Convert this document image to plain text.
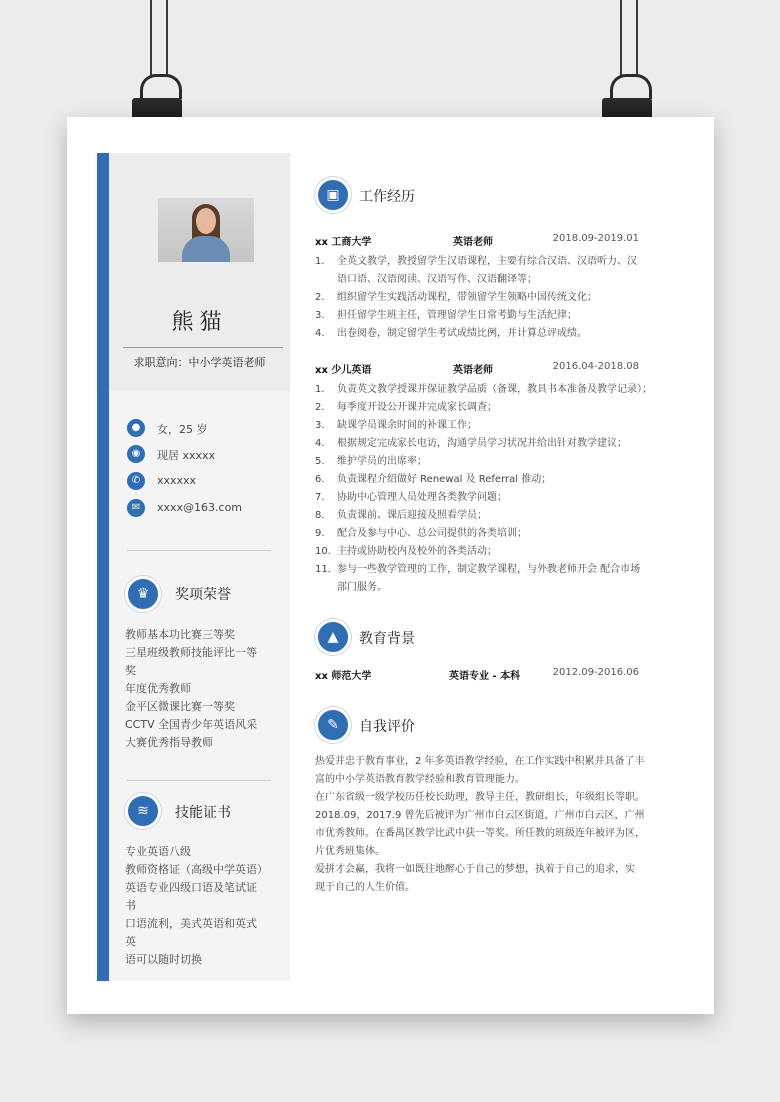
熊猫
求职意向：中小学英语老师
●	女，25 岁
◉	现居 xxxxx
✆	xxxxxx
✉	xxxx@163.com
♛	奖项荣誉
教师基本功比赛三等奖
三星班级教师技能评比一等
奖
年度优秀教师
金平区微课比赛一等奖
CCTV 全国青少年英语风采
大赛优秀指导教师
≋	技能证书
专业英语八级
教师资格证（高级中学英语）
英语专业四级口语及笔试证
书
口语流利，美式英语和英式英
语可以随时切换
▣	工作经历
xx 工商大学	英语老师	2018.09-2019.01
1. 全英文教学，教授留学生汉语课程，主要有综合汉语、汉语听力、汉
语口语、汉语阅读、汉语写作、汉语翻译等；
2. 组织留学生实践活动课程，带领留学生领略中国传统文化；
3. 担任留学生班主任，管理留学生日常考勤与生活纪律；
4. 出卷阅卷，制定留学生考试成绩比例，并计算总评成绩。
xx 少儿英语	英语老师	2016.04-2018.08
1. 负责英文教学授课并保证教学品质（备课，教具书本准备及教学记录）；
2. 每季度开设公开课并完成家长调查；
3. 缺课学员课余时间的补课工作；
4. 根据规定完成家长电访，沟通学员学习状况并给出针对教学建议；
5. 维护学员的出席率；
6. 负责课程介绍做好 Renewal 及 Referral 推动；
7. 协助中心管理人员处理各类教学问题；
8. 负责课前、课后迎接及照看学员；
9. 配合及参与中心、总公司提供的各类培训；
10. 主持或协助校内及校外的各类活动；
11. 参与一些教学管理的工作，制定教学课程，与外教老师开会 配合市场
部门服务。
▲	教育背景
xx 师范大学	英语专业 - 本科	2012.09-2016.06
✎	自我评价
热爱并忠于教育事业，2 年多英语教学经验，在工作实践中积累并具备了丰
富的中小学英语教育教学经验和教育管理能力。
在广东省级一级学校历任校长助理，教导主任，教研组长，年级组长等职。
2018.09，2017.9 曾先后被评为广州市白云区街道，广州市白云区，广州
市优秀教师。在番禺区教学比武中获一等奖。所任教的班级连年被评为区，
片优秀班集体。
爱拼才会赢，我将一如既往地醉心于自己的梦想，执着于自己的追求，实
现于自己的人生价值。
